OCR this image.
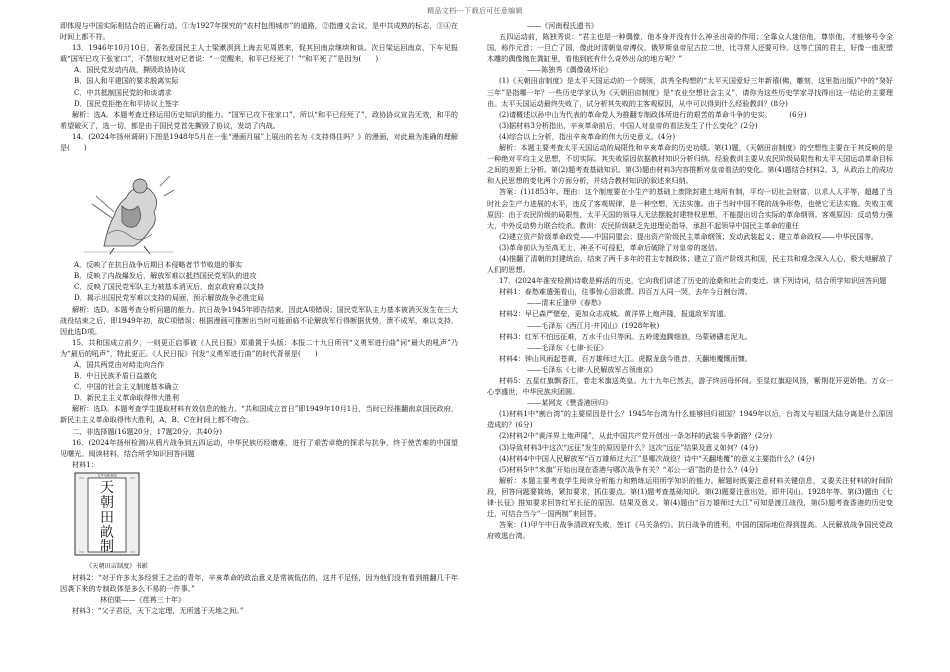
精品文档---下载后可任意编辑

即体现与中国实际相结合的正确行动。①为1927年探究的“农村包围城市”的道路，②指遵义会议，是中共成熟的标志，③④在时间上都不符。

13．1946年10月10日，著名爱国民主人士梁漱溟到上海去见周恩来，促其回南京继续和谈。次日梁运回南京，下车见报载“国军已攻下张家口”，不禁惊叹地对记者说：“一觉醒来，和平已经死了！”“和平死了”是因为(　　)

A．国民党发动内战，撕毁政协协议

B．国人和平建国的要求脱离实际

C．中共抵制国民党的和谈请求

D．国民党拒绝在和平协议上签字

解析：选A。本题考查迁移运用历史知识的能力。“国军已攻下张家口”，所以“和平已经死了”，政协协议宣告无效，和平的希望破灭了，选一切，都是由于国民党首先撕毁了协议，发动了内战。

14．(2024年扬州调研)下图是1948年5月在一张“漫画月展”上展出的名为《支持得住吗？》的漫画，对此最为准确的理解是(　　)

A．反映了在抗日战争后期日本侵略者节节败退的事实

B．反映了内战爆发后，解放军难以抵挡国民党军队的进攻

C．反映了国民党军队主力被基本消灭后，南京政府难以支持

D．揭示出国民党军难以支持的局面，预示解放战争必胜定局

解析：选D。本题考查分析问题的能力。抗日战争1945年即告结束，因此A项错误；国民党军队主力基本被消灭发生在三大战役结束之后，即1949年初，故C项错误；根据漫画可推断出当时可能面临不论解放军行得断据优势，溃不成军，难以支持，因此选D项。

15．共和国成立前夕，一则更正启事被《人民日报》郑重置于头版：本报二十九日所刊“义勇军进行曲”词“最大的吼声”乃为“最后的吼声”，特此更正。《人民日报》刊发“义勇军进行曲”的时代背景是(　　)

A．国共两党由对峙走向合作

B．中日民族矛盾日益激化

C．中国的社会主义制度基本确立

D．新民主主义革命取得伟大胜利

解析：选D。本题考查学生提取材料有效信息的能力。“共和国成立首日”即1949年10月1日，当时已经推翻南京国民政府，新民主主义革命取得伟大胜利，A、B、C在时间上都不吻合。

二、非选择题(16题20分，17题20分，共40分)

16．(2024年扬州检测)从鸦片战争到五四运动，中华民族历经磨难，进行了艰苦卓绝的探求与抗争，终于使苦难的中国望见曙光。阅读材料，结合所学知识回答问题

材料1：

太平天國 新刻
天
朝
田
畝
制

《天朝田亩制度》书影

材料2：“对于许多太多经营王之治的青年，辛亥革命的政治意义是常被低估的，这并不足怪，因为他们没有看到推翻几千年因袭下来的专制政体是多么不易的一件事。”

林伯渠——《荏苒三十年》

材料3：“父子君臣，天下之定理，无所逃于天地之间。”

——《河南程氏遗书》

五四运动前，陈独秀说：“君主也是一种偶像，他本身并没有什么神圣出奇的作用；全靠众人迷信他，尊崇他，才能够号令全国，称作元首；一旦亡了国，像此时清朝皇帝溥仪，俄罗斯皇帝尼古拉二世，比寻常人还要可怜。这等亡国的君主，好像一座泥塑木雕的偶像抛在粪缸里，看他到底有什么奇妙出众的地方呢？”

——陈独秀《偶像破坏论》

(1)《天朝田亩制度》是太平天国运动的一个纲领，洪秀全构想的“太平天国爱好三年新禧(佛，雕刻，这里指出版)”中的“癸好三年”是指哪一年？一些历史学家认为《天朝田亩制度》是“农业空想社会主义”，请你为这些历史学家寻找得出这一结论的主要理由。太平天国运动最终失败了，试分析其失败的主客观原因，从中可以得到什么经验教训？(8分)

(2)请概述以孙中山为代表的革命党人为推翻专制政体所进行的艰苦的革命斗争的史实。　　　(6分)

(3)据材料3分析指出，辛亥革命前后，中国人对皇帝的看法发生了什么变化？(2分)

(4)综合以上分析，指出辛亥革命的伟大历史意义。(4分)

解析：本题主要考查太平天国运动的局限性和辛亥革命的历史功绩。第(1)题，《天朝田亩制度》的空想性主要在于其反映的是一种绝对平均主义思想，不切实际。其失败原因依据教材知识分析归纳。经验教训主要从农民阶级局限性和太平天国运动革命目标之间的差距上分析。第(2)题考查基础知识。第(3)题由材料3内容推断对皇帝看法的变化。第(4)题结合材料2、3，从政治上的成功和人民思想的变化两个方面分析，并结合教材知识的叙述来归纳。

答案：(1)1853年。理由：这个制度要在小生产的基础上废除封建土地所有制，平均一切社会财富，以求人人平等，超越了当时社会生产力进展的水平，违反了客观规律，是一种空想，无法实施。由于当时中国不爬的战争形势，也使它无法实施。失败主观原因：由于农民阶级的局限性，太平天国的领导人无法摆脱封建特权思想，不能提出切合实际的革命纲领。客观原因：反动势力强大，中外反动势力联合绞杀。教训：农民阶级缺乏先进理论指导，承担不起领导中国民主革命的重任

(2)建立资产阶级革命政党——中国同盟会；提出资产阶级民主革命纲领；发动武装起义；建立革命政权——中华民国等。

(3)革命前认为至高无上、神圣不可侵犯，革命后破除了对皇帝的迷信。

(4)推翻了清朝的封建统治，结束了两千多年的君主专制政体；建立了资产阶级共和国，民主共和观念深入人心，极大地解放了人们的思想。

17．(2024年淮安检测)诗歌是鲜活的历史，它向我们讲述了历史的沧桑和社会的变迁。读下列诗词，结合所学知识回答问题

材料1：春愁难遣强看山，往事惊心泪欲潸。四百万人同一哭，去年今日割台湾。

——清末丘逢甲《春愁》

材料2：早已森严壁垒，更加众志成城。黄洋界上炮声隆，报道敌军宵遁。

——毛泽东《西江月·井冈山》(1928年秋)

材料3：红军不怕远征难，万水千山只等闲。五岭逶迤腾细浪，乌蒙磅礴走泥丸。

——毛泽东《七律·长征》

材料4：钟山风雨起苍黄，百万雄师过大江。虎踞龙盘今胜昔，天翻地覆慨而慷。

——毛泽东《七律·人民解放军占领南京》

材料5：五星红旗飘香江，卷走米旗送英皇。九十九年已然去，游子终回母怀间。至显红旗迎风扬，紫荆花开更娇艳。万众一心享盛世，中华民族庆团圆。

——某网友《赞香港回归》

(1)材料1中“割台湾”的主要原因是什么？1945年台湾为什么能够回归祖国？1949年以后，台湾又与祖国大陆分离是什么原因造成的？(6分)

(2)材料2中“黄洋界上炮声隆”，从此中国共产党开创出一条怎样的武装斗争新路？(2分)

(3)导致材料3中这次“远征”发生的原因是什么？这次“远征”结果及意义如何？(4分)

(4)材料4中中国人民解放军“百万雄师过大江”是哪次战役？诗中“天翻地覆”的意义主要指什么？(4分)

(5)材料5中“米旗”开始出现在香港与哪次战争有关？“邓公一语”指的是什么？(4分)

解析：本题主要考查学生阅读分析能力和熟练运用所学知识的能力。解题时既要注意材料关键信息，又要关注材料的时间阶段，回答问题要简练，紧扣要求，抓住要点。第(1)题考查基础知识。第(2)题要注意出处，即井冈山、1928年等。第(3)题由《七律·长征》推知要求回答红军长征的原因、结果及意义。第(4)题由“百万雄师过大江”可知是渡江战役，第(5)题考查香港的历史变迁，可结合当今“一国两制”来回答。

答案：(1)甲午中日战争清政府失败，签订《马关条约》。抗日战争的胜利，中国的国际地位得到提高。人民解放战争国民党政府败逃台湾。
